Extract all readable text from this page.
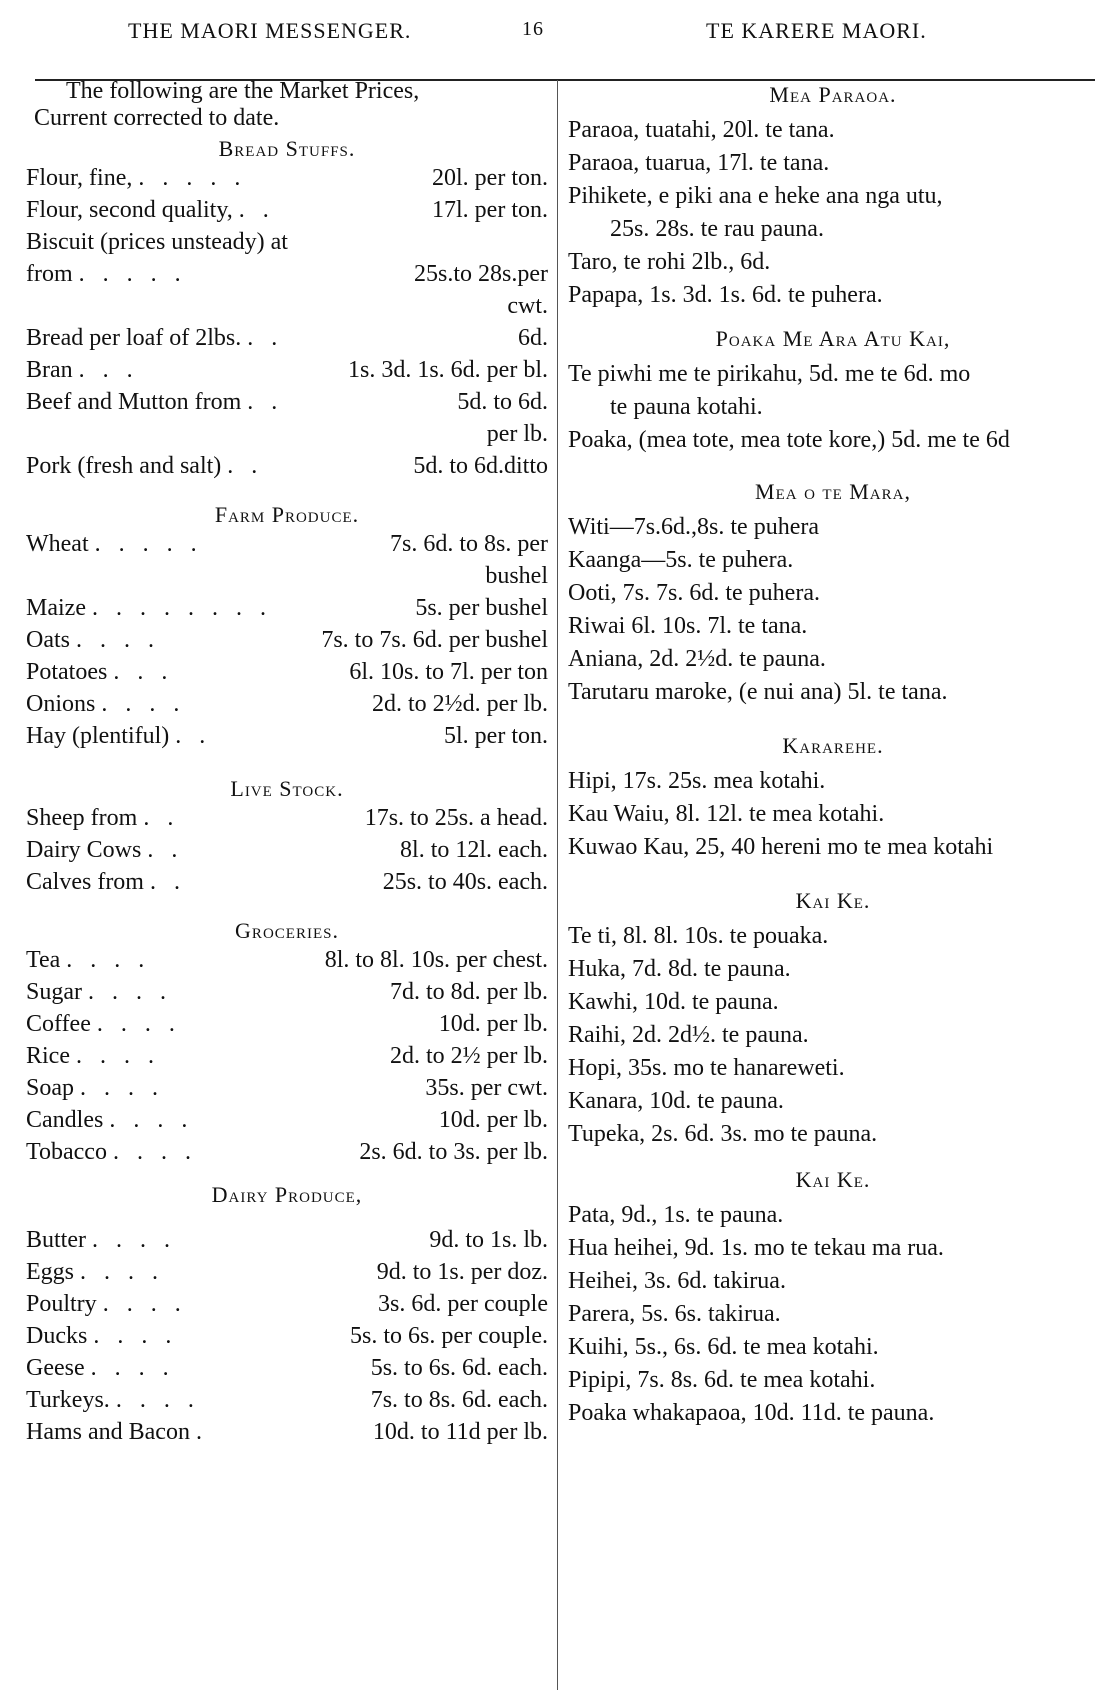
THE MAORI MESSENGER.	16	TE KARERE MAORI.
The following are the Market Prices,
Current corrected to date.
Bread Stuffs.
Flour, fine, . . . . .	20l. per ton.
Flour, second quality, . .	17l. per ton.
Biscuit (prices unsteady) at
from . . . . .	25s.to 28s.per
cwt.
Bread per loaf of 2lbs. . .	6d.
Bran . . .	1s. 3d. 1s. 6d. per bl.
Beef and Mutton from . .	5d. to 6d.
per lb.
Pork (fresh and salt) . .	5d. to 6d.ditto
Farm Produce.
Wheat . . . . .	7s. 6d. to 8s. per
bushel
Maize . . . . . . . .	5s. per bushel
Oats . . . .	7s. to 7s. 6d. per bushel
Potatoes . . .	6l. 10s. to 7l. per ton
Onions . . . .	2d. to 2½d. per lb.
Hay (plentiful) . .	5l. per ton.
Live Stock.
Sheep from . .	17s. to 25s. a head.
Dairy Cows . .	8l. to 12l. each.
Calves from . .	25s. to 40s. each.
Groceries.
Tea . . . .	8l. to 8l. 10s. per chest.
Sugar . . . .	7d. to 8d. per lb.
Coffee . . . .	10d. per lb.
Rice . . . .	2d. to 2½ per lb.
Soap . . . .	35s. per cwt.
Candles . . . .	10d. per lb.
Tobacco . . . .	2s. 6d. to 3s. per lb.
Dairy Produce,
Butter . . . .	9d. to 1s. lb.
Eggs . . . .	9d. to 1s. per doz.
Poultry . . . .	3s. 6d. per couple
Ducks . . . .	5s. to 6s. per couple.
Geese . . . .	5s. to 6s. 6d. each.
Turkeys. . . . .	7s. to 8s. 6d. each.
Hams and Bacon .	10d. to 11d per lb.
Mea Paraoa.
Paraoa, tuatahi, 20l. te tana.
Paraoa, tuarua, 17l. te tana.
Pihikete, e piki ana e heke ana nga utu,
25s. 28s. te rau pauna.
Taro, te rohi 2lb., 6d.
Papapa, 1s. 3d. 1s. 6d. te puhera.
Poaka Me Ara Atu Kai,
Te piwhi me te pirikahu, 5d. me te 6d. mo
te pauna kotahi.
Poaka, (mea tote, mea tote kore,) 5d. me te 6d
Mea o te Mara,
Witi—7s.6d.,8s. te puhera
Kaanga—5s. te puhera.
Ooti, 7s. 7s. 6d. te puhera.
Riwai 6l. 10s. 7l. te tana.
Aniana, 2d. 2½d. te pauna.
Tarutaru maroke, (e nui ana) 5l. te tana.
Kararehe.
Hipi, 17s. 25s. mea kotahi.
Kau Waiu, 8l. 12l. te mea kotahi.
Kuwao Kau, 25, 40 hereni mo te mea kotahi
Kai Ke.
Te ti, 8l. 8l. 10s. te pouaka.
Huka, 7d. 8d. te pauna.
Kawhi, 10d. te pauna.
Raihi, 2d. 2d½. te pauna.
Hopi, 35s. mo te hanareweti.
Kanara, 10d. te pauna.
Tupeka, 2s. 6d. 3s. mo te pauna.
Kai Ke.
Pata, 9d., 1s. te pauna.
Hua heihei, 9d. 1s. mo te tekau ma rua.
Heihei, 3s. 6d. takirua.
Parera, 5s. 6s. takirua.
Kuihi, 5s., 6s. 6d. te mea kotahi.
Pipipi, 7s. 8s. 6d. te mea kotahi.
Poaka whakapaoa, 10d. 11d. te pauna.
